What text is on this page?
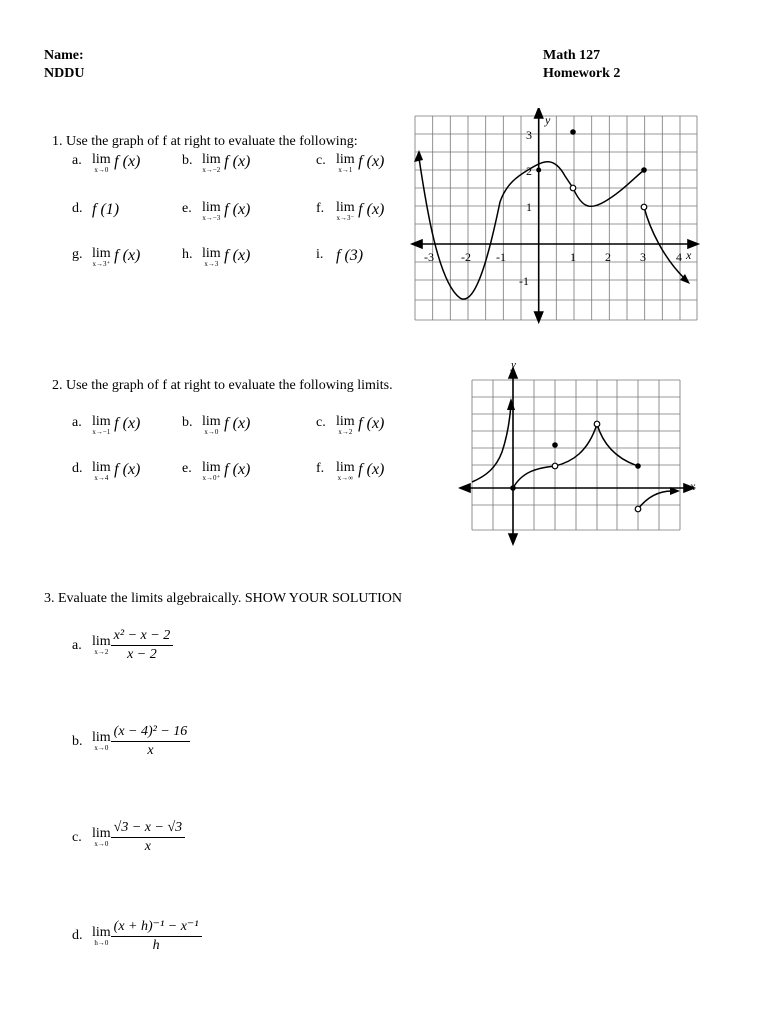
Name:
NDDU
Math 127
Homework 2
1. Use the graph of f at right to evaluate the following:
a. lim
x→0 f (x)	b. lim
x→−2 f (x)	c. lim
x→1 f (x)
d. f (1)	e. lim
x→−3 f (x)	f. lim
x→3⁻ f (x)
g. lim
x→3⁺ f (x)	h. lim
x→3 f (x)	i. f (3)
y
x
-3 -2 -1	1 2 3	4
3
2
1
-1
2. Use the graph of f at right to evaluate the following limits.
a. lim
x→−1 f (x)	b. lim
x→0 f (x)	c. lim
x→2 f (x)
d. lim
x→4 f (x)	e. lim
x→0⁺ f (x)	f. lim
x→∞ f (x)
y
x
3. Evaluate the limits algebraically. SHOW YOUR SOLUTION
a. lim
$x\to 2 \frac{\text{x² − x − 2}}{x - 2}$
b. lim
$x\to 0 \frac{\text{(x − 4)² − 16}}{x}$
c. lim
$x\to 0 \frac{√3 - x - √3}{x}$
d. lim
$h\to 0 \frac{\text{(x + h)⁻¹ − x⁻¹}}{h}$
